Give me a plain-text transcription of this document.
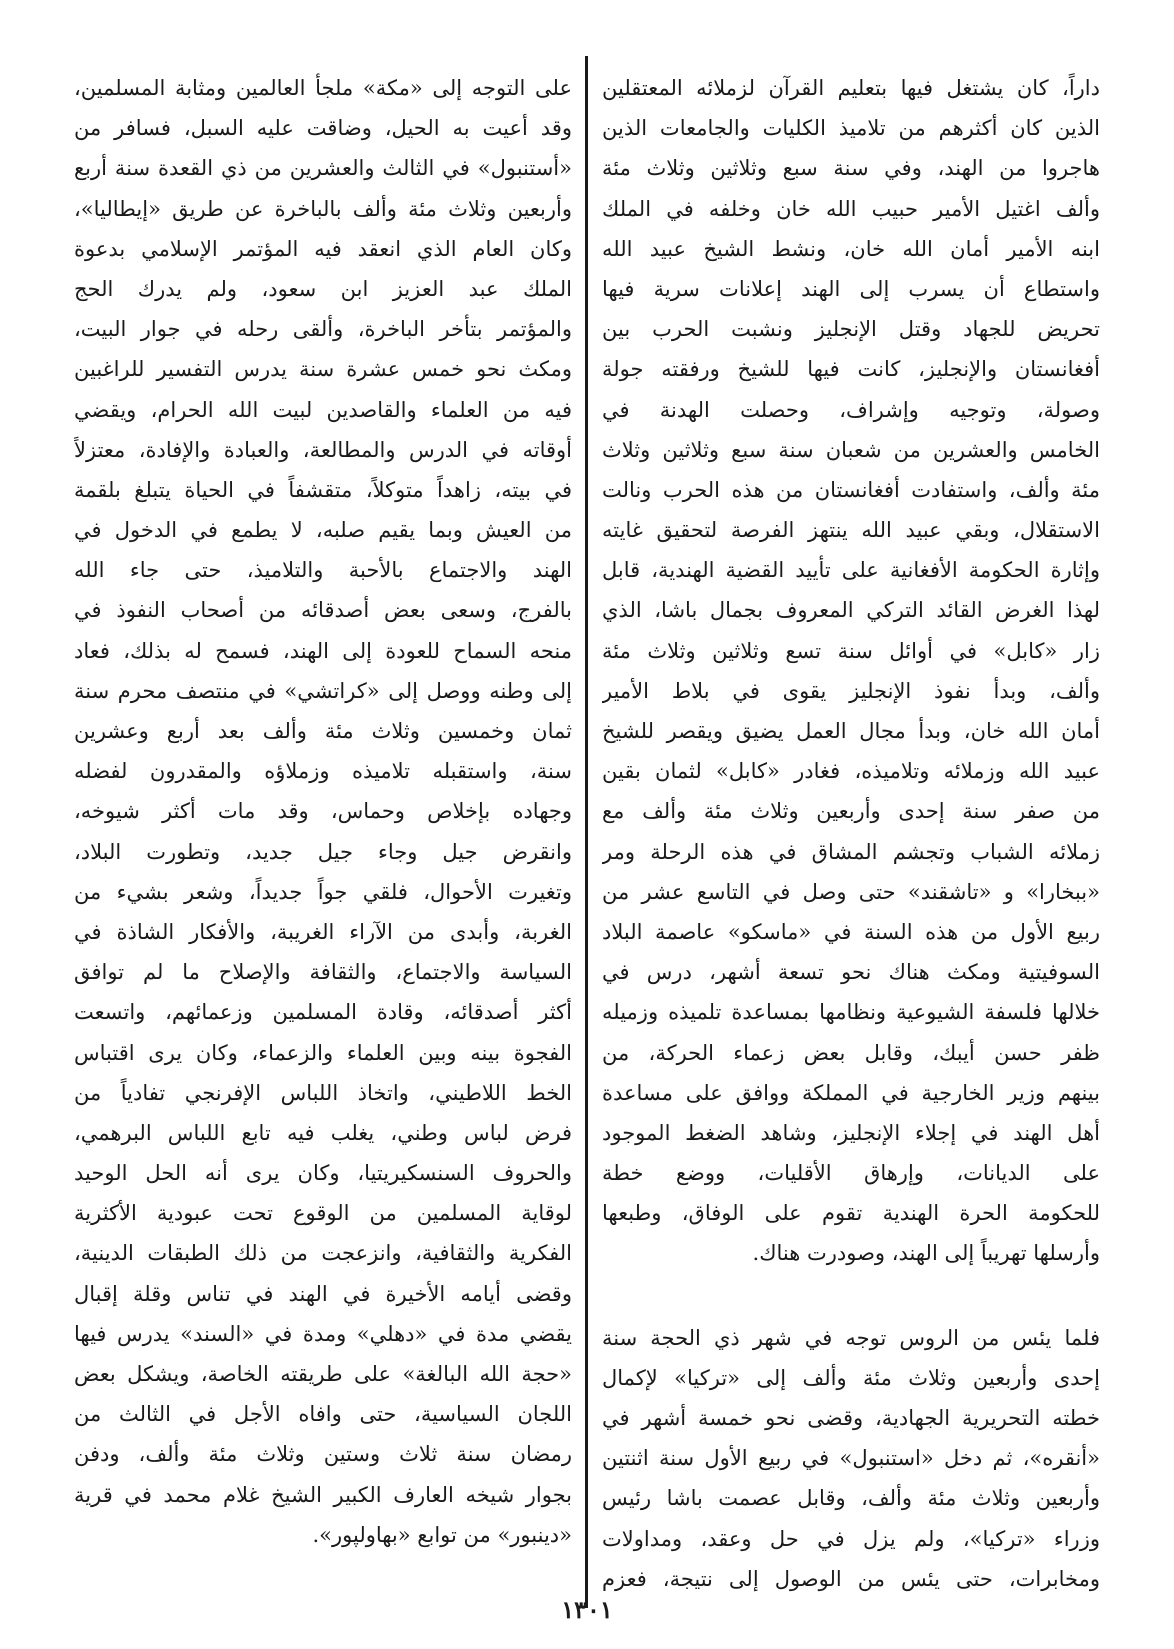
داراً، كان يشتغل فيها بتعليم القرآن لزملائه المعتقلين
الذين كان أكثرهم من تلاميذ الكليات والجامعات الذين
هاجروا من الهند، وفي سنة سبع وثلاثين وثلاث مئة
وألف اغتيل الأمير حبيب الله خان وخلفه في الملك
ابنه الأمير أمان الله خان، ونشط الشيخ عبيد الله
واستطاع أن يسرب إلى الهند إعلانات سرية فيها
تحريض للجهاد وقتل الإنجليز ونشبت الحرب بين
أفغانستان والإنجليز، كانت فيها للشيخ ورفقته جولة
وصولة، وتوجيه وإشراف، وحصلت الهدنة في
الخامس والعشرين من شعبان سنة سبع وثلاثين وثلاث
مئة وألف، واستفادت أفغانستان من هذه الحرب ونالت
الاستقلال، وبقي عبيد الله ينتهز الفرصة لتحقيق غايته
وإثارة الحكومة الأفغانية على تأييد القضية الهندية، قابل
لهذا الغرض القائد التركي المعروف بجمال باشا، الذي
زار «كابل» في أوائل سنة تسع وثلاثين وثلاث مئة
وألف، وبدأ نفوذ الإنجليز يقوى في بلاط الأمير
أمان الله خان، وبدأ مجال العمل يضيق ويقصر للشيخ
عبيد الله وزملائه وتلاميذه، فغادر «كابل» لثمان بقين
من صفر سنة إحدى وأربعين وثلاث مئة وألف مع
زملائه الشباب وتجشم المشاق في هذه الرحلة ومر
«ببخارا» و «تاشقند» حتى وصل في التاسع عشر من
ربيع الأول من هذه السنة في «ماسكو» عاصمة البلاد
السوفيتية ومكث هناك نحو تسعة أشهر، درس في
خلالها فلسفة الشيوعية ونظامها بمساعدة تلميذه وزميله
ظفر حسن أيبك، وقابل بعض زعماء الحركة، من
بينهم وزير الخارجية في المملكة ووافق على مساعدة
أهل الهند في إجلاء الإنجليز، وشاهد الضغط الموجود
على الديانات، وإرهاق الأقليات، ووضع خطة
للحكومة الحرة الهندية تقوم على الوفاق، وطبعها
وأرسلها تهريباً إلى الهند، وصودرت هناك.
فلما يئس من الروس توجه في شهر ذي الحجة سنة
إحدى وأربعين وثلاث مئة وألف إلى «تركيا» لإكمال
خطته التحريرية الجهادية، وقضى نحو خمسة أشهر في
«أنقره»، ثم دخل «استنبول» في ربيع الأول سنة اثنتين
وأربعين وثلاث مئة وألف، وقابل عصمت باشا رئيس
وزراء «تركيا»، ولم يزل في حل وعقد، ومداولات
ومخابرات، حتى يئس من الوصول إلى نتيجة، فعزم
على التوجه إلى «مكة» ملجأ العالمين ومثابة المسلمين،
وقد أعيت به الحيل، وضاقت عليه السبل، فسافر من
«أستنبول» في الثالث والعشرين من ذي القعدة سنة أربع
وأربعين وثلاث مئة وألف بالباخرة عن طريق «إيطاليا»،
وكان العام الذي انعقد فيه المؤتمر الإسلامي بدعوة
الملك عبد العزيز ابن سعود، ولم يدرك الحج
والمؤتمر بتأخر الباخرة، وألقى رحله في جوار البيت،
ومكث نحو خمس عشرة سنة يدرس التفسير للراغبين
فيه من العلماء والقاصدين لبيت الله الحرام، ويقضي
أوقاته في الدرس والمطالعة، والعبادة والإفادة، معتزلاً
في بيته، زاهداً متوكلاً، متقشفاً في الحياة يتبلغ بلقمة
من العيش وبما يقيم صلبه، لا يطمع في الدخول في
الهند والاجتماع بالأحبة والتلاميذ، حتى جاء الله
بالفرج، وسعى بعض أصدقائه من أصحاب النفوذ في
منحه السماح للعودة إلى الهند، فسمح له بذلك، فعاد
إلى وطنه ووصل إلى «كراتشي» في منتصف محرم سنة
ثمان وخمسين وثلاث مئة وألف بعد أربع وعشرين
سنة، واستقبله تلاميذه وزملاؤه والمقدرون لفضله
وجهاده بإخلاص وحماس، وقد مات أكثر شيوخه،
وانقرض جيل وجاء جيل جديد، وتطورت البلاد،
وتغيرت الأحوال، فلقي جواً جديداً، وشعر بشيء من
الغربة، وأبدى من الآراء الغريبة، والأفكار الشاذة في
السياسة والاجتماع، والثقافة والإصلاح ما لم توافق
أكثر أصدقائه، وقادة المسلمين وزعمائهم، واتسعت
الفجوة بينه وبين العلماء والزعماء، وكان يرى اقتباس
الخط اللاطيني، واتخاذ اللباس الإفرنجي تفادياً من
فرض لباس وطني، يغلب فيه تابع اللباس البرهمي،
والحروف السنسكيريتيا، وكان يرى أنه الحل الوحيد
لوقاية المسلمين من الوقوع تحت عبودية الأكثرية
الفكرية والثقافية، وانزعجت من ذلك الطبقات الدينية،
وقضى أيامه الأخيرة في الهند في تناس وقلة إقبال
يقضي مدة في «دهلي» ومدة في «السند» يدرس فيها
«حجة الله البالغة» على طريقته الخاصة، ويشكل بعض
اللجان السياسية، حتى وافاه الأجل في الثالث من
رمضان سنة ثلاث وستين وثلاث مئة وألف، ودفن
بجوار شيخه العارف الكبير الشيخ غلام محمد في قرية
«دينبور» من توابع «بهاولپور».
١٣٠١
